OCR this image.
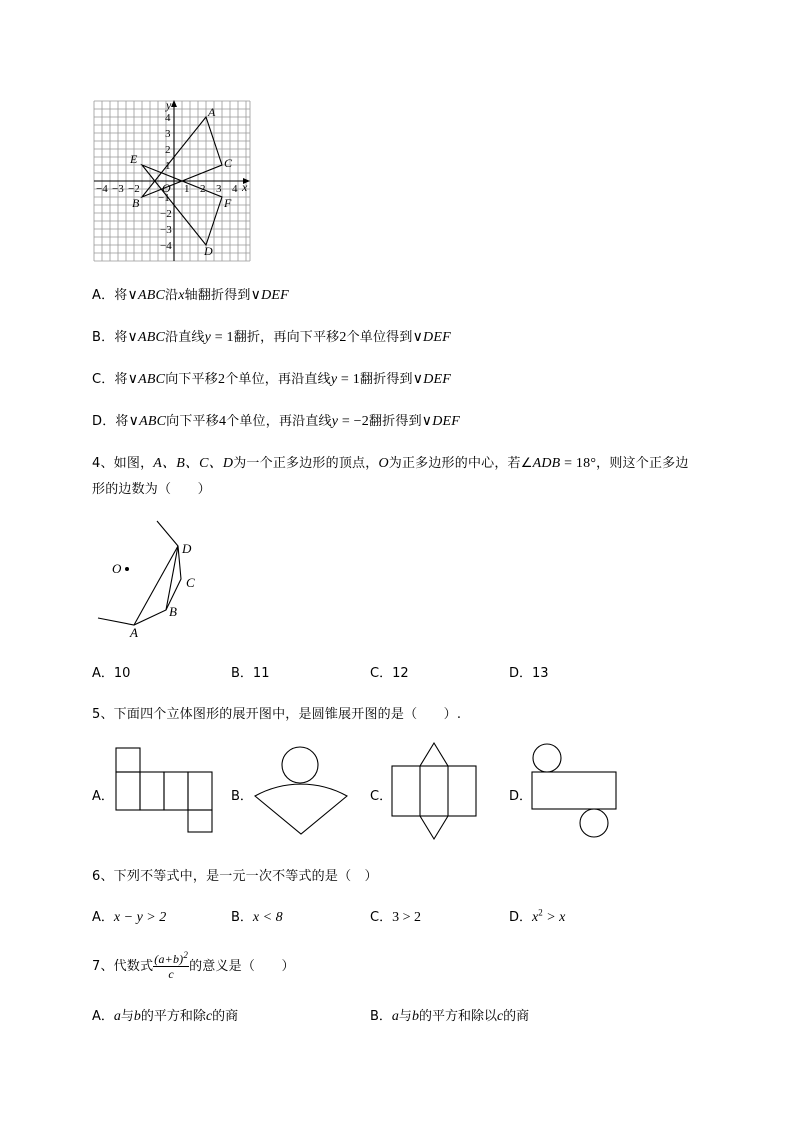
x
y
O
−4 −3 −2	1 2 3 4
4
3
2
1
−1
−2
−3
−4
A
B
C
D
E
F
A．将∨ABC沿x轴翻折得到∨DEF
B．将∨ABC沿直线y = 1翻折，再向下平移2个单位得到∨DEF
C．将∨ABC向下平移2个单位，再沿直线y = 1翻折得到∨DEF
D．将∨ABC向下平移4个单位，再沿直线y = −2翻折得到∨DEF
4、如图，A、B、C、D为一个正多边形的顶点，O为正多边形的中心，若∠ADB = 18°，则这个正多边
形的边数为（　　）
O
A
B
C
D
A．10	B．11	C．12	D．13
5、下面四个立体图形的展开图中，是圆锥展开图的是（　　）.
A．	B．	C．	D．
6、下列不等式中，是一元一次不等式的是（　）
A．x − y > 2	B．x < 8	C．3 > 2	D．$x^2 > x$
7、代数式 $\frac{(a+b)^2}{c}$ 的意义是（　　）
A．a与b的平方和除c的商	B．a与b的平方和除以c的商
